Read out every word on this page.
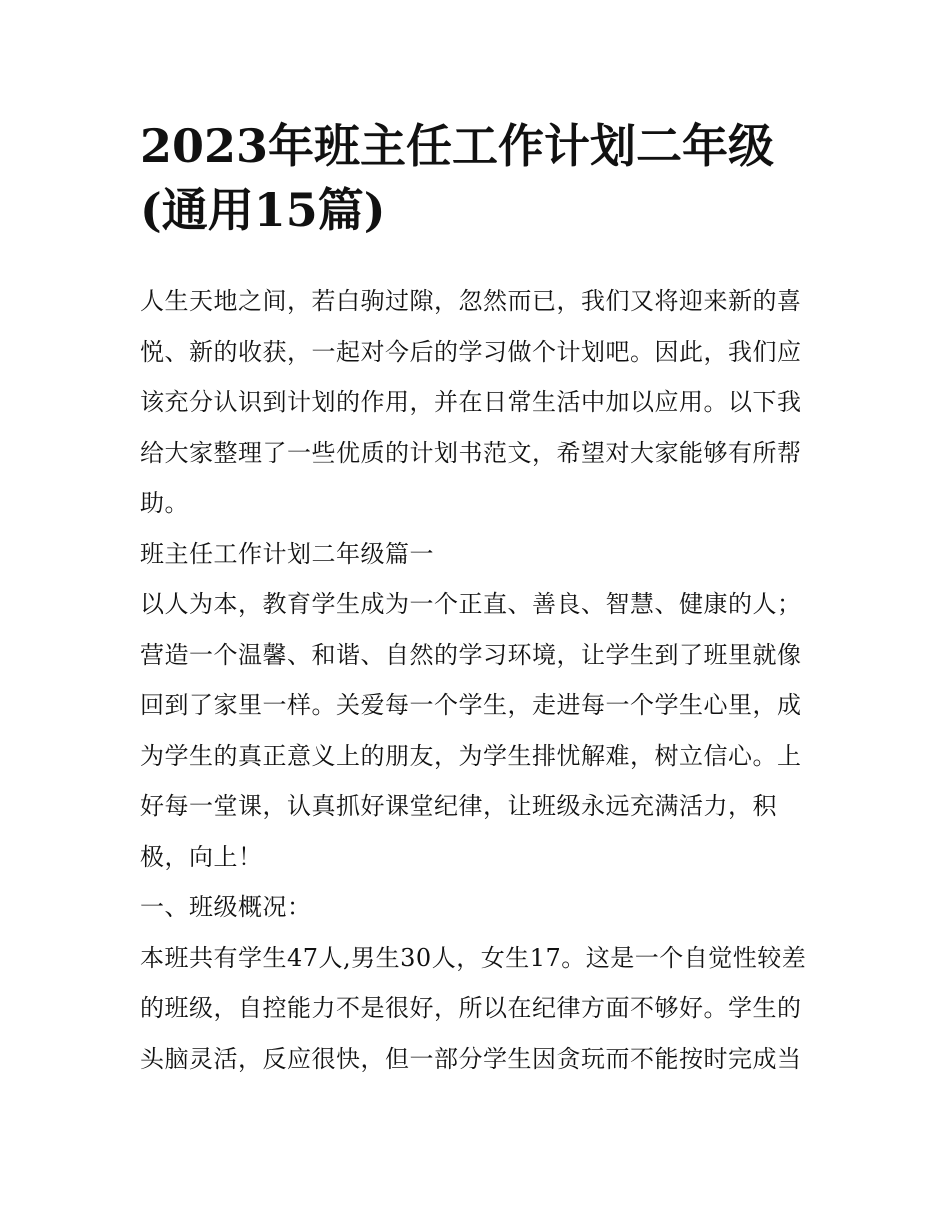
2023年班主任工作计划二年级(通用15篇)

人生天地之间，若白驹过隙，忽然而已，我们又将迎来新的喜悦、新的收获，一起对今后的学习做个计划吧。因此，我们应该充分认识到计划的作用，并在日常生活中加以应用。以下我给大家整理了一些优质的计划书范文，希望对大家能够有所帮助。

班主任工作计划二年级篇一

以人为本，教育学生成为一个正直、善良、智慧、健康的人；营造一个温馨、和谐、自然的学习环境，让学生到了班里就像回到了家里一样。关爱每一个学生，走进每一个学生心里，成为学生的真正意义上的朋友，为学生排忧解难，树立信心。上好每一堂课，认真抓好课堂纪律，让班级永远充满活力，积极，向上！

一、班级概况：

本班共有学生47人,男生30人，女生17。这是一个自觉性较差的班级，自控能力不是很好，所以在纪律方面不够好。学生的头脑灵活，反应很快，但一部分学生因贪玩而不能按时完成当
